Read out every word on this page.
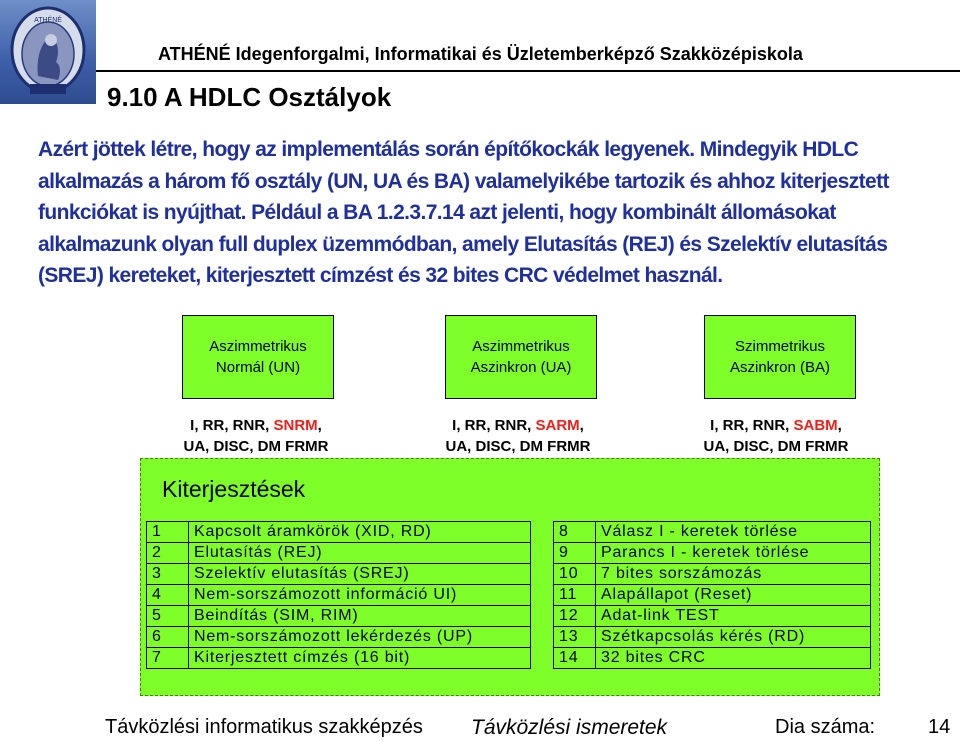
ATHÉNÉ
ATHÉNÉ Idegenforgalmi, Informatikai és Üzletemberképző Szakközépiskola
9.10 A HDLC Osztályok
Azért jöttek létre, hogy az implementálás során építőkockák legyenek. Mindegyik HDLC
alkalmazás a három fő osztály (UN, UA és BA) valamelyikébe tartozik és ahhoz kiterjesztett
funkciókat is nyújthat. Például a BA 1.2.3.7.14 azt jelenti, hogy kombinált állomásokat
alkalmazunk olyan full duplex üzemmódban, amely Elutasítás (REJ) és Szelektív elutasítás
(SREJ) kereteket, kiterjesztett címzést és 32 bites CRC védelmet használ.
Aszimmetrikus
Normál (UN)
Aszimmetrikus
Aszinkron (UA)
Szimmetrikus
Aszinkron (BA)
I, RR, RNR, SNRM,
UA, DISC, DM FRMR
I, RR, RNR, SARM,
UA, DISC, DM FRMR
I, RR, RNR, SABM,
UA, DISC, DM FRMR
Kiterjesztések
1	Kapcsolt áramkörök (XID, RD)
2	Elutasítás (REJ)
3	Szelektív elutasítás (SREJ)
4	Nem-sorszámozott információ UI)
5	Beindítás (SIM, RIM)
6	Nem-sorszámozott lekérdezés (UP)
7	Kiterjesztett címzés (16 bit)
8	Válasz I - keretek törlése
9	Parancs I - keretek törlése
10	7 bites sorszámozás
11	Alapállapot (Reset)
12	Adat-link TEST
13	Szétkapcsolás kérés (RD)
14	32 bites CRC
Távközlési informatikus szakképzés Távközlési ismeretek	Dia száma:	14
